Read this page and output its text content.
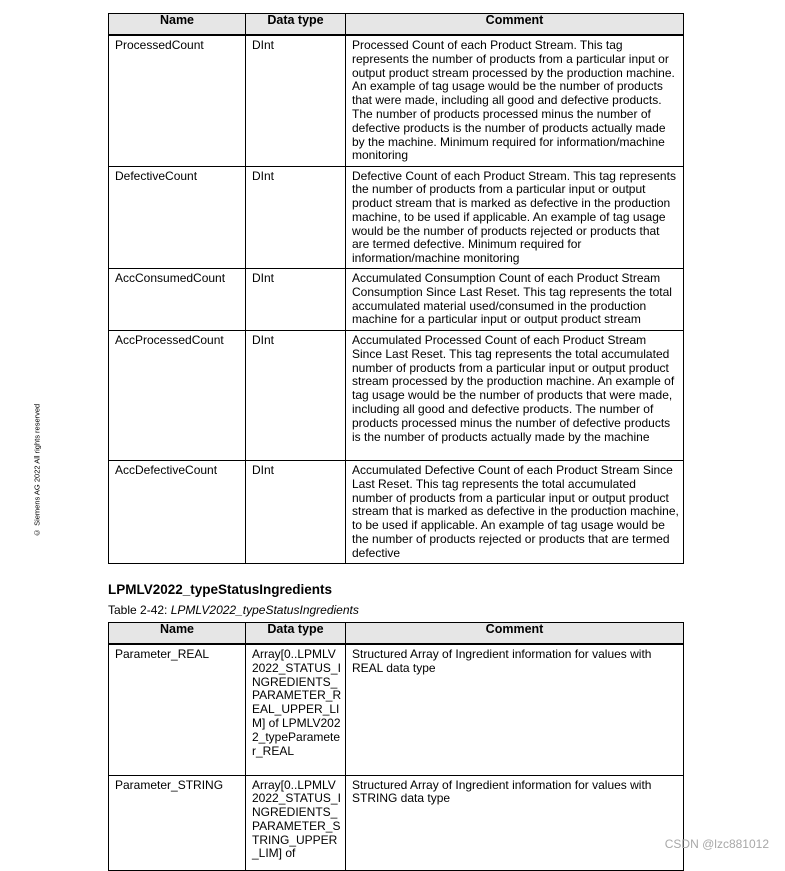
© Siemens AG 2022 All rights reserved
Name	Data type	Comment
ProcessedCount	DInt	Processed Count of each Product Stream. This tag represents the number of products from a particular input or output product stream processed by the production machine. An example of tag usage would be the number of products that were made, including all good and defective products. The number of products processed minus the number of defective products is the number of products actually made by the machine. Minimum required for information/machine monitoring
DefectiveCount	DInt	Defective Count of each Product Stream. This tag represents the number of products from a particular input or output product stream that is marked as defective in the production machine, to be used if applicable. An example of tag usage would be the number of products rejected or products that are termed defective. Minimum required for information/machine monitoring
AccConsumedCount	DInt	Accumulated Consumption Count of each Product Stream Consumption Since Last Reset. This tag represents the total accumulated material used/consumed in the production machine for a particular input or output product stream
AccProcessedCount	DInt	Accumulated Processed Count of each Product Stream Since Last Reset. This tag represents the total accumulated number of products from a particular input or output product stream processed by the production machine. An example of tag usage would be the number of products that were made, including all good and defective products. The number of products processed minus the number of defective products is the number of products actually made by the machine
AccDefectiveCount	DInt	Accumulated Defective Count of each Product Stream Since Last Reset. This tag represents the total accumulated number of products from a particular input or output product stream that is marked as defective in the production machine, to be used if applicable. An example of tag usage would be the number of products rejected or products that are termed defective
LPMLV2022_typeStatusIngredients
Table 2-42: LPMLV2022_typeStatusIngredients
Name	Data type	Comment
Parameter_REAL	Array[0..LPMLV2022_STATUS_INGREDIENTS_PARAMETER_REAL_UPPER_LIM] of LPMLV2022_typeParameter_REAL	Structured Array of Ingredient information for values with REAL data type
Parameter_STRING	Array[0..LPMLV2022_STATUS_INGREDIENTS_PARAMETER_STRING_UPPER_LIM] of	Structured Array of Ingredient information for values with STRING data type
CSDN @lzc881012
